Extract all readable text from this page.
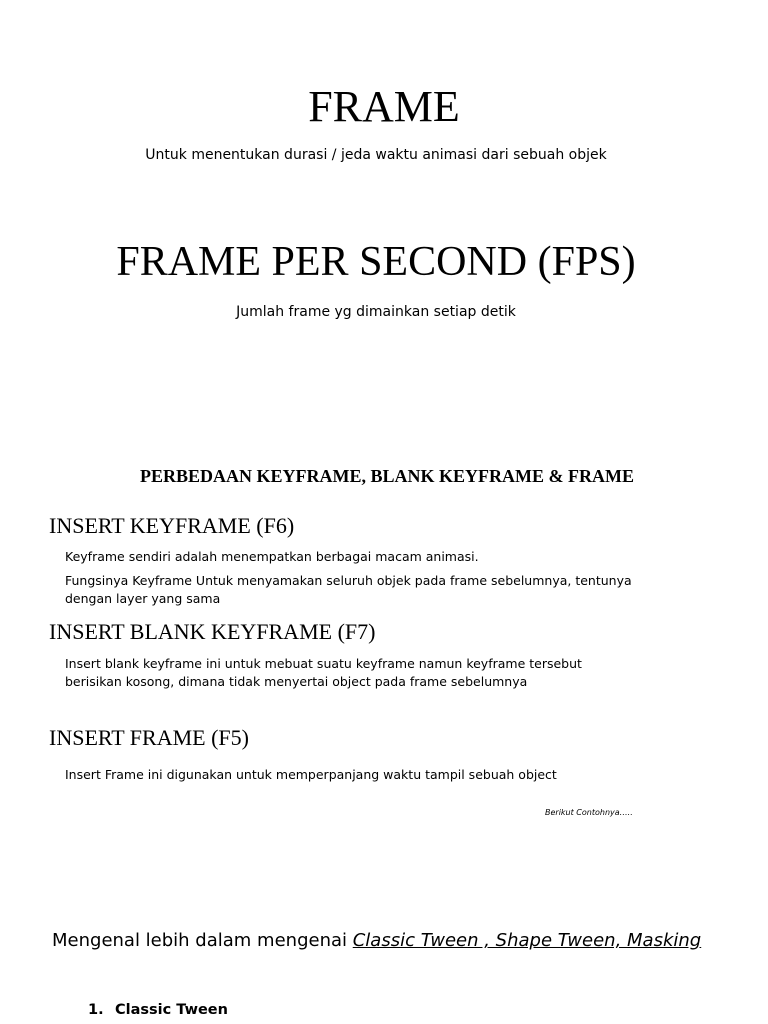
FRAME
Untuk menentukan durasi / jeda waktu animasi dari sebuah objek
FRAME PER SECOND (FPS)
Jumlah frame yg dimainkan setiap detik
PERBEDAAN KEYFRAME, BLANK KEYFRAME & FRAME
INSERT KEYFRAME (F6)
Keyframe sendiri adalah menempatkan berbagai macam animasi.
Fungsinya Keyframe Untuk menyamakan seluruh objek pada frame sebelumnya, tentunya
dengan layer yang sama
INSERT BLANK KEYFRAME (F7)
Insert blank keyframe ini untuk mebuat suatu keyframe namun keyframe tersebut
berisikan kosong, dimana tidak menyertai object pada frame sebelumnya
INSERT FRAME (F5)
Insert Frame ini digunakan untuk memperpanjang waktu tampil sebuah object
Berikut Contohnya…..
Mengenal lebih dalam mengenai Classic Tween , Shape Tween, Masking
1. Classic Tween
